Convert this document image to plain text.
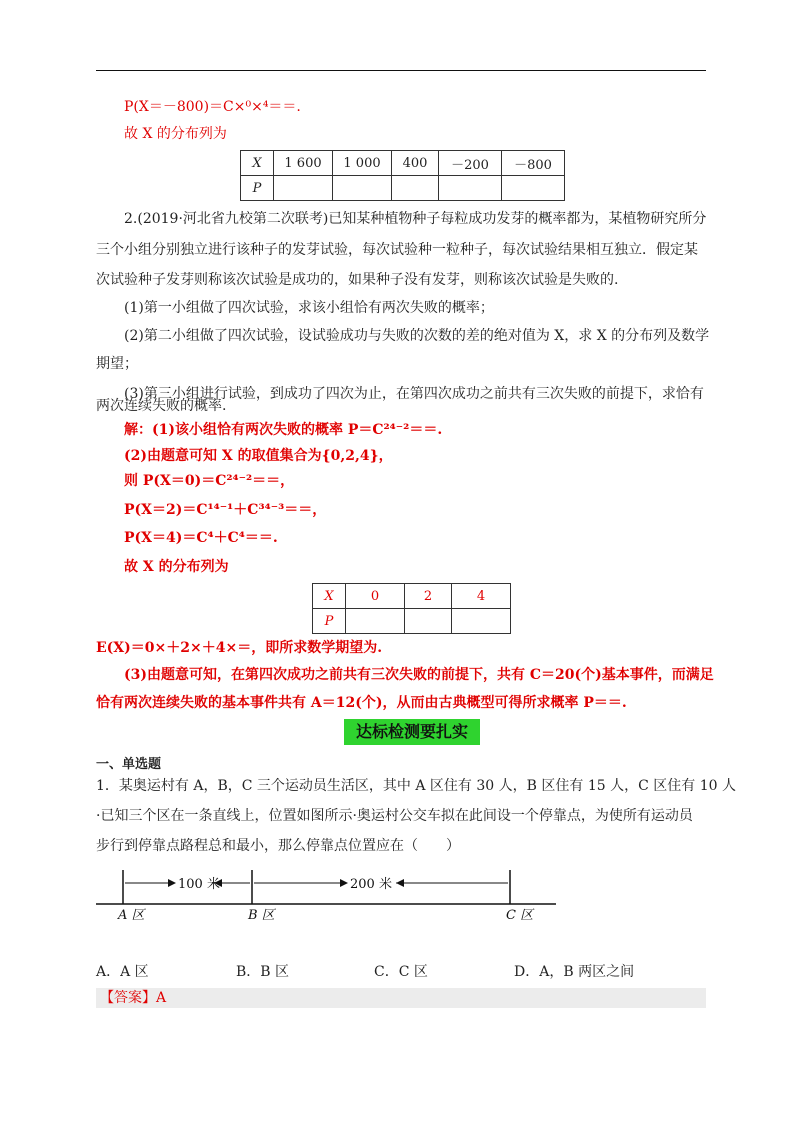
P(X＝－800)＝C×⁰×⁴＝＝.
故 X 的分布列为
X	1 600	1 000	400	－200	－800
P					
2.(2019·河北省九校第二次联考)已知某种植物种子每粒成功发芽的概率都为，某植物研究所分
三个小组分别独立进行该种子的发芽试验，每次试验种一粒种子，每次试验结果相互独立．假定某
次试验种子发芽则称该次试验是成功的，如果种子没有发芽，则称该次试验是失败的.
(1)第一小组做了四次试验，求该小组恰有两次失败的概率；
(2)第二小组做了四次试验，设试验成功与失败的次数的差的绝对值为 X，求 X 的分布列及数学
期望；
(3)第三小组进行试验，到成功了四次为止，在第四次成功之前共有三次失败的前提下，求恰有
两次连续失败的概率.
解：(1)该小组恰有两次失败的概率 P＝C²⁴⁻²＝＝.
(2)由题意可知 X 的取值集合为{0,2,4}，
则 P(X＝0)＝C²⁴⁻²＝＝，
P(X＝2)＝C¹⁴⁻¹＋C³⁴⁻³＝＝，
P(X＝4)＝C⁴＋C⁴＝＝.
故 X 的分布列为
X	0	2	4
P			
E(X)＝0×＋2×＋4×＝，即所求数学期望为.
(3)由题意可知，在第四次成功之前共有三次失败的前提下，共有 C＝20(个)基本事件，而满足
恰有两次连续失败的基本事件共有 A＝12(个)，从而由古典概型可得所求概率 P＝＝.
达标检测要扎实
一、单选题
1．某奥运村有 A，B，C 三个运动员生活区，其中 A 区住有 30 人，B 区住有 15 人，C 区住有 10 人
·已知三个区在一条直线上，位置如图所示·奥运村公交车拟在此间设一个停靠点，为使所有运动员
步行到停靠点路程总和最小，那么停靠点位置应在（　　）
100 米	200 米
A 区	B 区	C 区
A．A 区	B．B 区	C．C 区	D．A，B 两区之间
【答案】A
